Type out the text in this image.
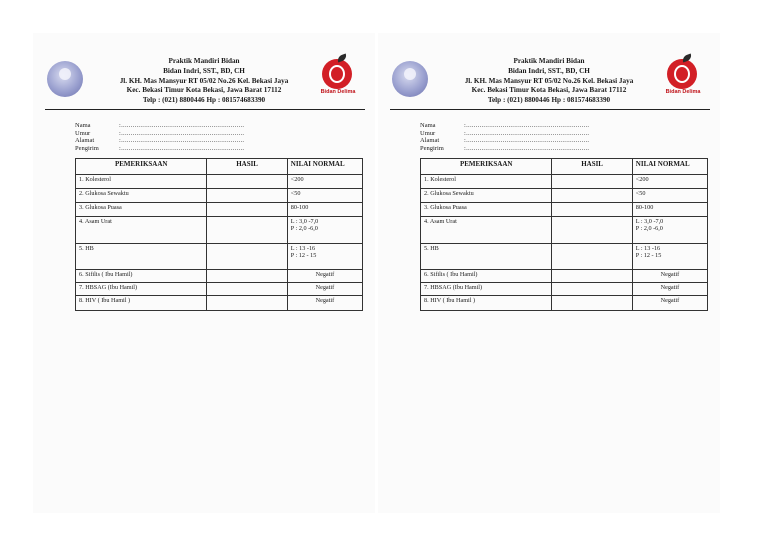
Praktik Mandiri Bidan
Bidan Indri, SST., BD, CH
Jl. KH. Mas Mansyur RT 05/02 No.26 Kel. Bekasi Jaya
Kec. Bekasi Timur Kota Bekasi, Jawa Barat 17112
Telp : (021) 8800446 Hp : 081574683390
Bidan Delima
Nama	:................................................................
Umur	:................................................................
Alamat	:................................................................
Pengirim	:................................................................
PEMERIKSAAN	HASIL	NILAI NORMAL
1. Kolesterol		<200
2. Glukosa Sewaktu		<50
3. Glukosa Puasa		80-100
4. Asam Urat		L : 3,0 -7,0
P : 2,0 -6,0

5. HB		L : 13 -16
P : 12 - 15

6. Sifilis ( Ibu Hamil)		Negatif
7. HBSAG (Ibu Hamil)		Negatif
8. HIV ( Ibu Hamil )		Negatif
Praktik Mandiri Bidan
Bidan Indri, SST., BD, CH
Jl. KH. Mas Mansyur RT 05/02 No.26 Kel. Bekasi Jaya
Kec. Bekasi Timur Kota Bekasi, Jawa Barat 17112
Telp : (021) 8800446 Hp : 081574683390
Bidan Delima
Nama	:................................................................
Umur	:................................................................
Alamat	:................................................................
Pengirim	:................................................................
PEMERIKSAAN	HASIL	NILAI NORMAL
1. Kolesterol		<200
2. Glukosa Sewaktu		<50
3. Glukosa Puasa		80-100
4. Asam Urat		L : 3,0 -7,0
P : 2,0 -6,0

5. HB		L : 13 -16
P : 12 - 15

6. Sifilis ( Ibu Hamil)		Negatif
7. HBSAG (Ibu Hamil)		Negatif
8. HIV ( Ibu Hamil )		Negatif
